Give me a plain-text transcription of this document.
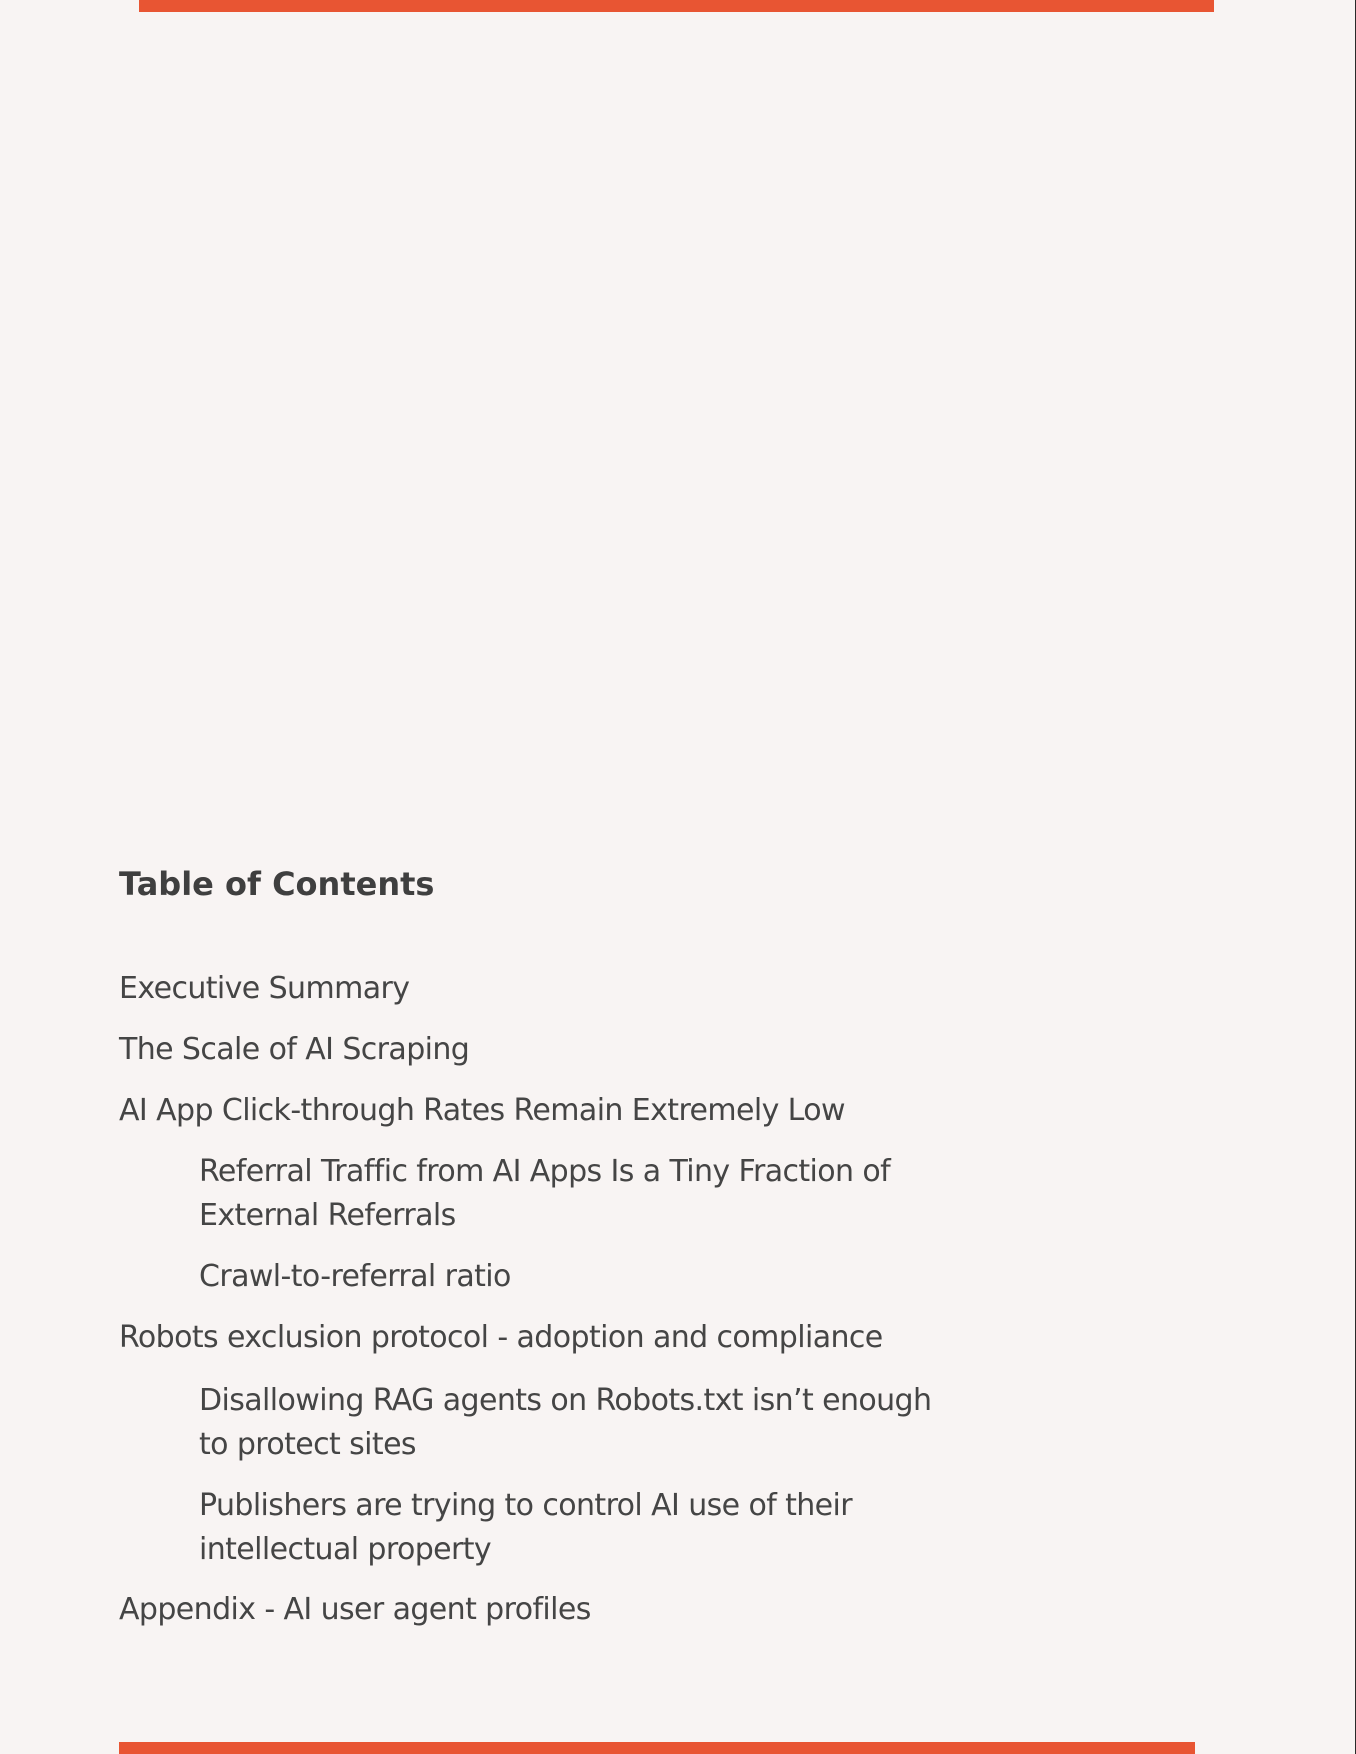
Table of Contents
Executive Summary
The Scale of AI Scraping
AI App Click-through Rates Remain Extremely Low
Referral Traffic from AI Apps Is a Tiny Fraction of External Referrals
Crawl-to-referral ratio
Robots exclusion protocol - adoption and compliance
Disallowing RAG agents on Robots.txt isn’t enough to protect sites
Publishers are trying to control AI use of their intellectual property
Appendix - AI user agent profiles
